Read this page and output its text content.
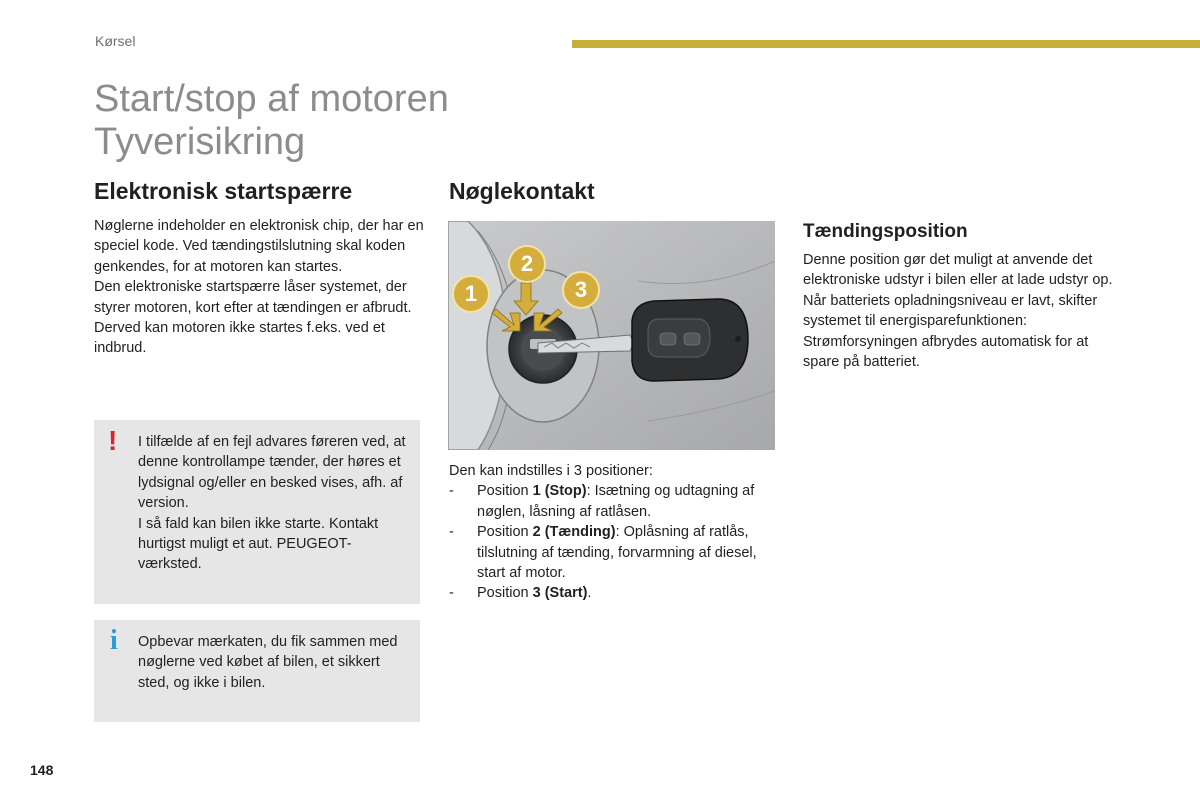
Kørsel
Start/stop af motoren
Tyverisikring
Elektronisk startspærre

Nøglerne indeholder en elektronisk chip, der har en speciel kode. Ved tændingstilslutning skal koden genkendes, for at motoren kan startes.

Den elektroniske startspærre låser systemet, der styrer motoren, kort efter at tændingen er afbrudt. Derved kan motoren ikke startes f.eks. ved et indbrud.

! I tilfælde af en fejl advares føreren ved, at denne kontrollampe tænder, der høres et lydsignal og/eller en besked vises, afh. af version.

I så fald kan bilen ikke starte. Kontakt hurtigst muligt et aut. PEUGEOT-værksted.

i Opbevar mærkaten, du fik sammen med nøglerne ved købet af bilen, et sikkert sted, og ikke i bilen.

Nøglekontakt
1
2
3

Den kan indstilles i 3 positioner:

- Position 1 (Stop): Isætning og udtagning af nøglen, låsning af ratlåsen.
- Position 2 (Tænding): Oplåsning af ratlås, tilslutning af tænding, forvarmning af diesel, start af motor.
- Position 3 (Start).
Tændingsposition

Denne position gør det muligt at anvende det elektroniske udstyr i bilen eller at lade udstyr op.

Når batteriets opladningsniveau er lavt, skifter systemet til energisparefunktionen: Strømforsyningen afbrydes automatisk for at spare på batteriet.

148
